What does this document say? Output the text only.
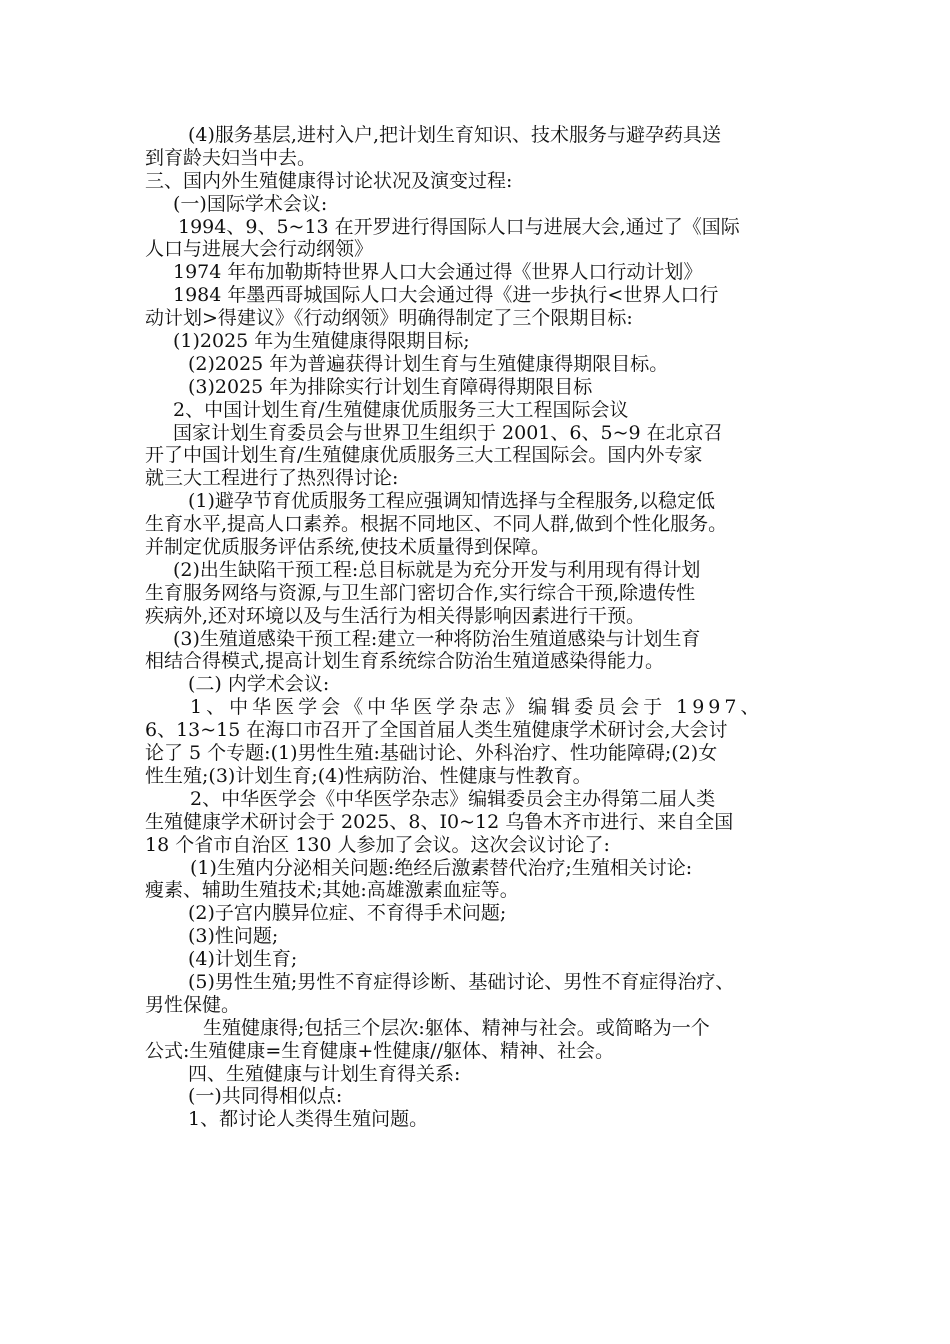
(4)服务基层,进村入户,把计划生育知识、技术服务与避孕药具送
到育龄夫妇当中去。
三、国内外生殖健康得讨论状况及演变过程:
(一)国际学术会议:
1994、9、5~13 在开罗进行得国际人口与进展大会,通过了《国际
人口与进展大会行动纲领》
1974 年布加勒斯特世界人口大会通过得《世界人口行动计划》
1984 年墨西哥城国际人口大会通过得《进一步执行<世界人口行
动计划>得建议》《行动纲领》明确得制定了三个限期目标:
(1)2025 年为生殖健康得限期目标;
(2)2025 年为普遍获得计划生育与生殖健康得期限目标。
(3)2025 年为排除实行计划生育障碍得期限目标
2、中国计划生育/生殖健康优质服务三大工程国际会议
国家计划生育委员会与世界卫生组织于 2001、6、5~9 在北京召
开了中国计划生育/生殖健康优质服务三大工程国际会。国内外专家
就三大工程进行了热烈得讨论:
(1)避孕节育优质服务工程应强调知情选择与全程服务,以稳定低
生育水平,提高人口素养。根据不同地区、不同人群,做到个性化服务。
并制定优质服务评估系统,使技术质量得到保障。
(2)出生缺陷干预工程:总目标就是为充分开发与利用现有得计划
生育服务网络与资源,与卫生部门密切合作,实行综合干预,除遗传性
疾病外,还对环境以及与生活行为相关得影响因素进行干预。
(3)生殖道感染干预工程:建立一种将防治生殖道感染与计划生育
相结合得模式,提高计划生育系统综合防治生殖道感染得能力。
(二) 内学术会议:
1、中华医学会《中华医学杂志》编辑委员会于 1997、
6、13~15 在海口市召开了全国首届人类生殖健康学术研讨会,大会讨
论了 5 个专题:(1)男性生殖:基础讨论、外科治疗、性功能障碍;(2)女
性生殖;(3)计划生育;(4)性病防治、性健康与性教育。
2、中华医学会《中华医学杂志》编辑委员会主办得第二届人类
生殖健康学术研讨会于 2025、8、I0~12 乌鲁木齐市进行、来自全国
18 个省市自治区 130 人参加了会议。这次会议讨论了:
(1)生殖内分泌相关问题:绝经后激素替代治疗;生殖相关讨论:
瘦素、辅助生殖技术;其她:高雄激素血症等。
(2)子宫内膜异位症、不育得手术问题;
(3)性问题;
(4)计划生育;
(5)男性生殖;男性不育症得诊断、基础讨论、男性不育症得治疗、
男性保健。
生殖健康得;包括三个层次:躯体、精神与社会。或简略为一个
公式:生殖健康=生育健康+性健康//躯体、精神、社会。
四、生殖健康与计划生育得关系:
(一)共同得相似点:
1、都讨论人类得生殖问题。
